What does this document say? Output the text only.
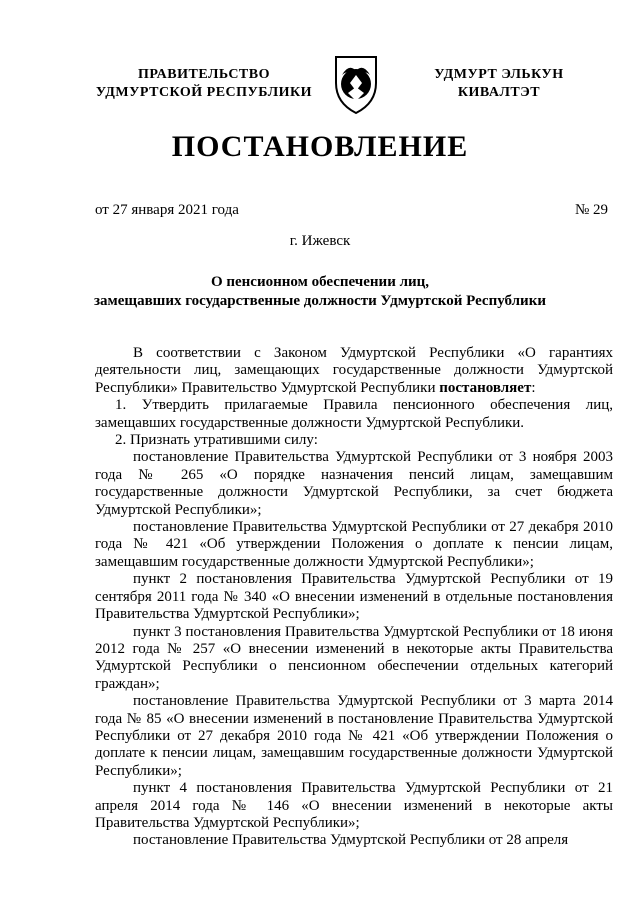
ПРАВИТЕЛЬСТВО
УДМУРТСКОЙ РЕСПУБЛИКИ
УДМУРТ ЭЛЬКУН
КИВАЛТЭТ
ПОСТАНОВЛЕНИЕ
от 27 января 2021 года	№ 29
г. Ижевск
О пенсионном обеспечении лиц,
замещавших государственные должности Удмуртской Республики

В соответствии с Законом Удмуртской Республики «О гарантиях деятельности лиц, замещающих государственные должности Удмуртской Республики» Правительство Удмуртской Республики постановляет:

1. Утвердить прилагаемые Правила пенсионного обеспечения лиц, замещавших государственные должности Удмуртской Республики.

2. Признать утратившими силу:

постановление Правительства Удмуртской Республики от 3 ноября 2003 года № 265 «О порядке назначения пенсий лицам, замещавшим государственные должности Удмуртской Республики, за счет бюджета Удмуртской Республики»;

постановление Правительства Удмуртской Республики от 27 декабря 2010 года № 421 «Об утверждении Положения о доплате к пенсии лицам, замещавшим государственные должности Удмуртской Республики»;

пункт 2 постановления Правительства Удмуртской Республики от 19 сентября 2011 года № 340 «О внесении изменений в отдельные постановления Правительства Удмуртской Республики»;

пункт 3 постановления Правительства Удмуртской Республики от 18 июня 2012 года № 257 «О внесении изменений в некоторые акты Правительства Удмуртской Республики о пенсионном обеспечении отдельных категорий граждан»;

постановление Правительства Удмуртской Республики от 3 марта 2014 года № 85 «О внесении изменений в постановление Правительства Удмуртской Республики от 27 декабря 2010 года № 421 «Об утверждении Положения о доплате к пенсии лицам, замещавшим государственные должности Удмуртской Республики»;

пункт 4 постановления Правительства Удмуртской Республики от 21 апреля 2014 года № 146 «О внесении изменений в некоторые акты Правительства Удмуртской Республики»;

постановление Правительства Удмуртской Республики от 28 апреля
